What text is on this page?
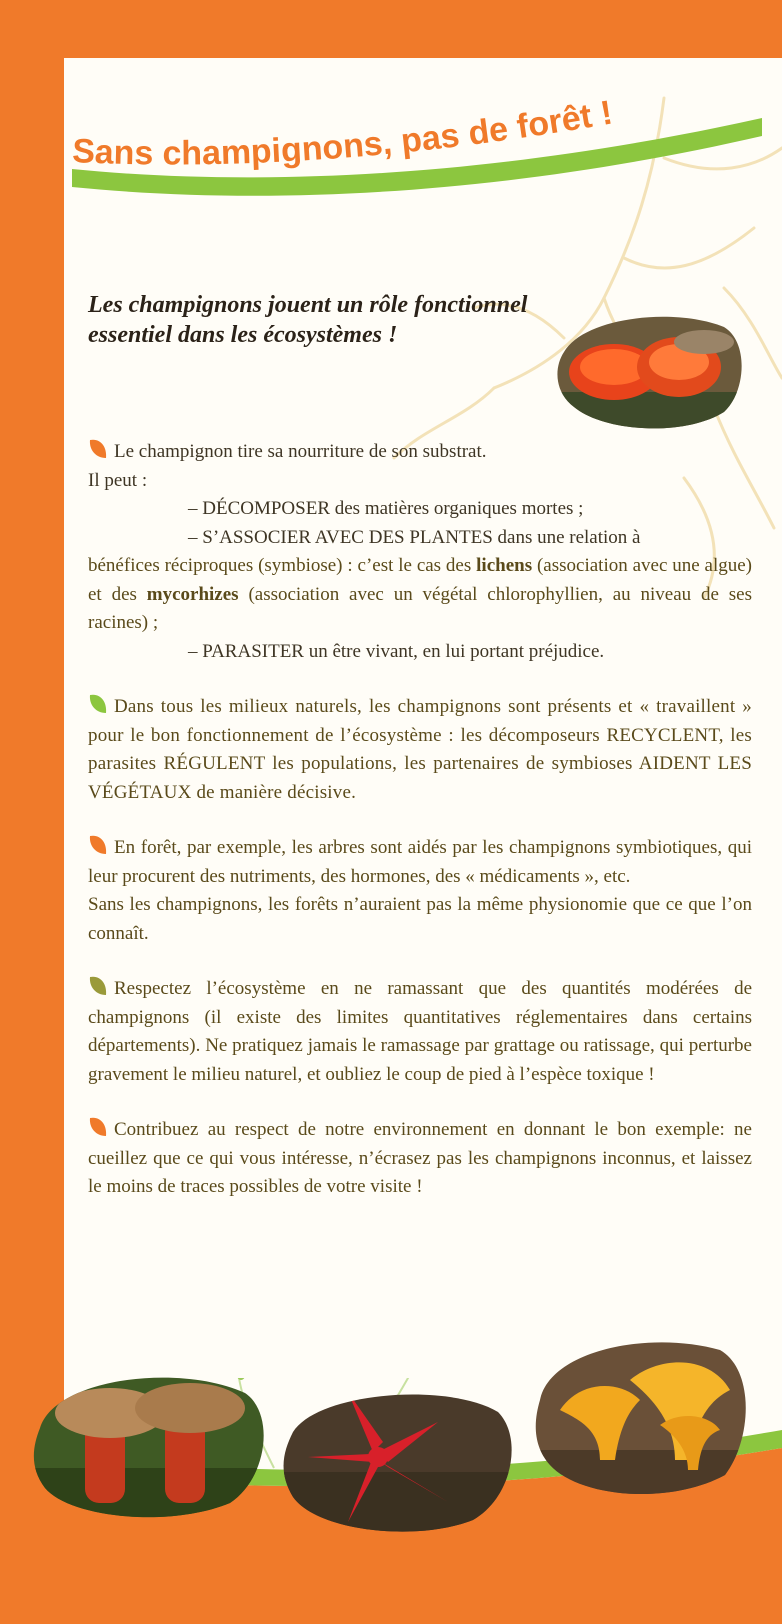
Sans champignons, pas de forêt !
Les champignons jouent un rôle fonctionnel
essentiel dans les écosystèmes !

Le champignon tire sa nourriture de son substrat.

Il peut :

– DÉCOMPOSER des matières organiques mortes ;

– S’ASSOCIER AVEC DES PLANTES dans une relation à

bénéfices réciproques (symbiose) : c’est le cas des lichens (association avec une algue) et des mycorhizes (association avec un végétal chlorophyllien, au niveau de ses racines) ;

– PARASITER un être vivant, en lui portant préjudice.

Dans tous les milieux naturels, les champignons sont présents et « travaillent » pour le bon fonctionnement de l’écosystème : les décomposeurs RECYCLENT, les parasites RÉGULENT les populations, les partenaires de symbioses AIDENT LES VÉGÉTAUX de manière décisive.

En forêt, par exemple, les arbres sont aidés par les champignons symbiotiques, qui leur procurent des nutriments, des hormones, des « médicaments », etc.

Sans les champignons, les forêts n’auraient pas la même physionomie que ce que l’on connaît.

Respectez l’écosystème en ne ramassant que des quantités modérées de champignons (il existe des limites quantitatives réglementaires dans certains départements). Ne pratiquez jamais le ramassage par grattage ou ratissage, qui perturbe gravement le milieu naturel, et oubliez le coup de pied à l’espèce toxique !
Contribuez au respect de notre environnement en donnant le bon exemple: ne cueillez que ce qui vous intéresse, n’écrasez pas les champignons inconnus, et laissez le moins de traces possibles de votre visite !
